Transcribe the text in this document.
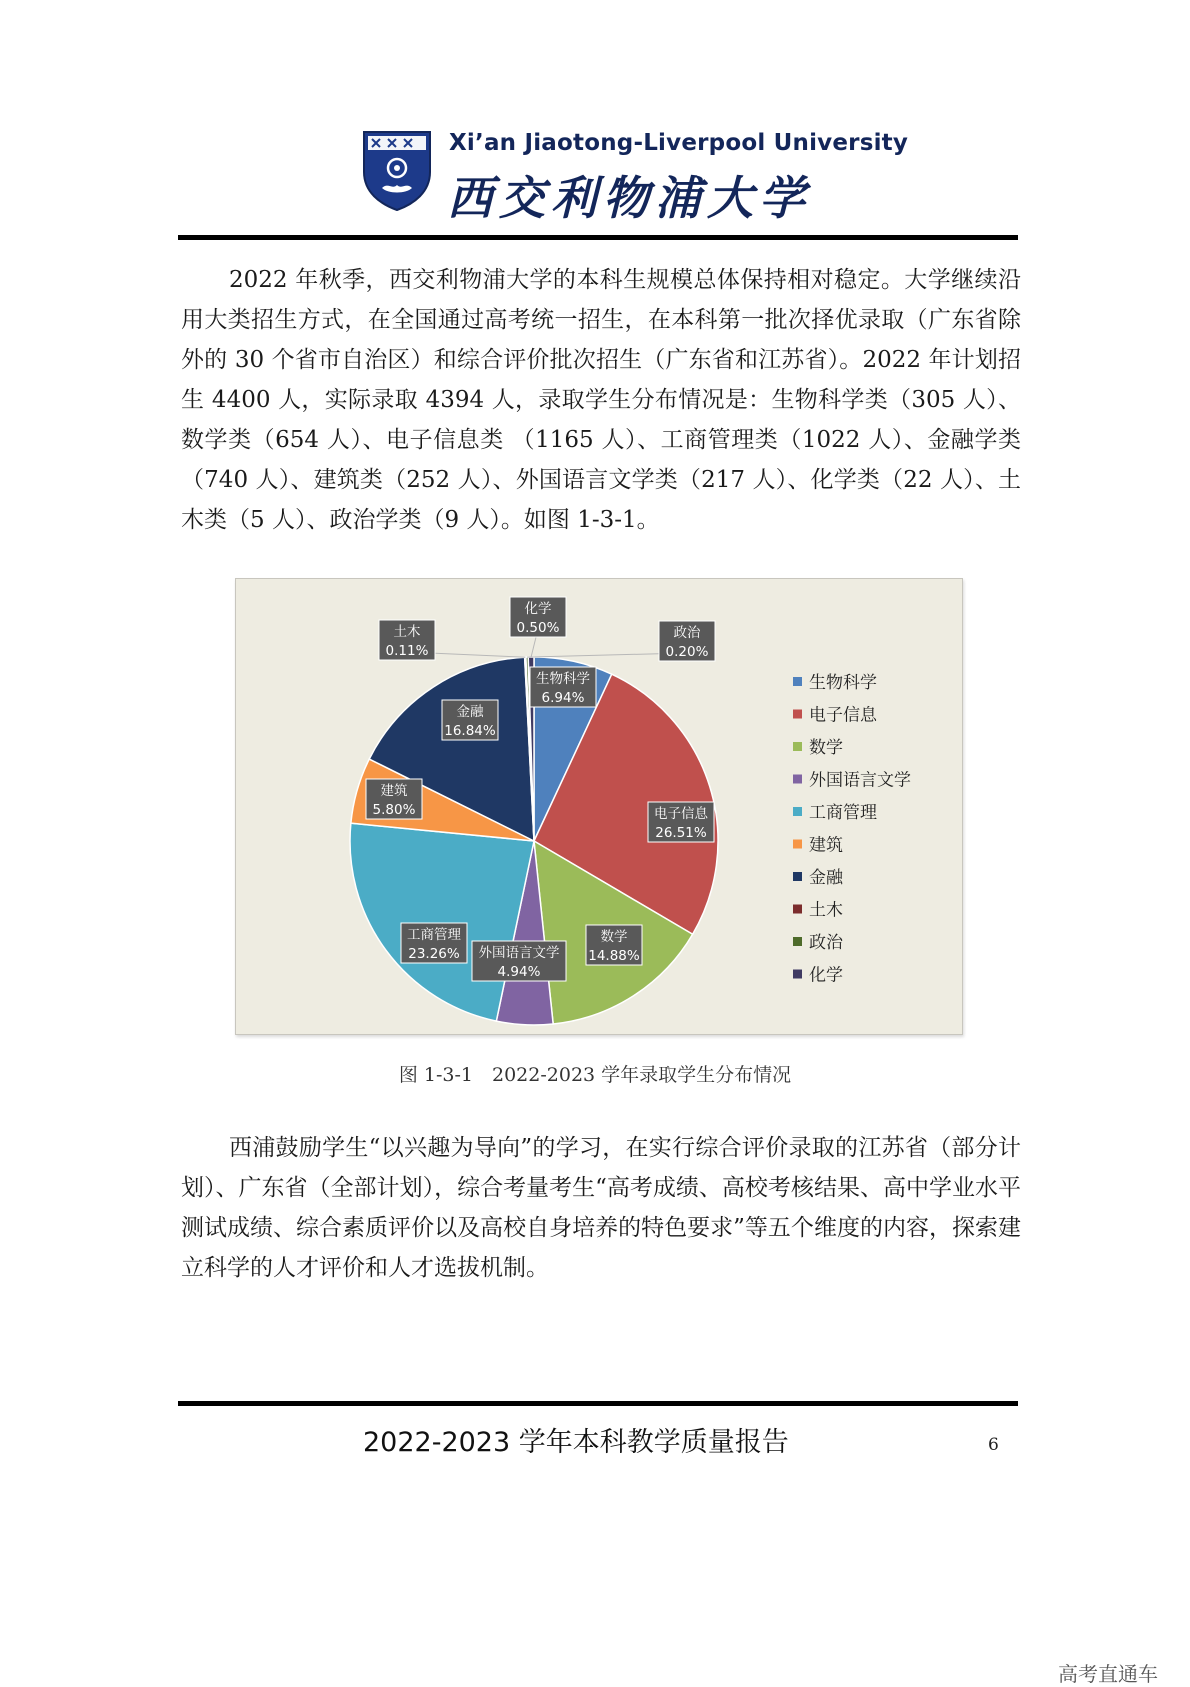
Xi’an Jiaotong-Liverpool University
西交利物浦大学

2022 年秋季，西交利物浦大学的本科生规模总体保持相对稳定。大学继续沿用大类招生方式，在全国通过高考统一招生，在本科第一批次择优录取（广东省除外的 30 个省市自治区）和综合评价批次招生（广东省和江苏省）。2022 年计划招生 4400 人，实际录取 4394 人，录取学生分布情况是：生物科学类（305 人）、数学类（654 人）、电子信息类 （1165 人）、工商管理类（1022 人）、金融学类（740 人）、建筑类（252 人）、外国语言文学类（217 人）、化学类（22 人）、土木类（5 人）、政治学类（9 人）。如图 1-3-1。

生物科学
6.94%
电子信息
26.51%
数学
14.88%
外国语言文学
4.94%
工商管理
23.26%
建筑
5.80%
金融
16.84%
土木
0.11%
政治
0.20%
化学
0.50%
生物科学
电子信息
数学
外国语言文学
工商管理
建筑
金融
土木
政治
化学
图 1-3-1　2022-2023 学年录取学生分布情况

西浦鼓励学生“以兴趣为导向”的学习，在实行综合评价录取的江苏省（部分计划）、广东省（全部计划），综合考量考生“高考成绩、高校考核结果、高中学业水平测试成绩、综合素质评价以及高校自身培养的特色要求”等五个维度的内容，探索建立科学的人才评价和人才选拔机制。

2022-2023 学年本科教学质量报告	6
高考直通车
